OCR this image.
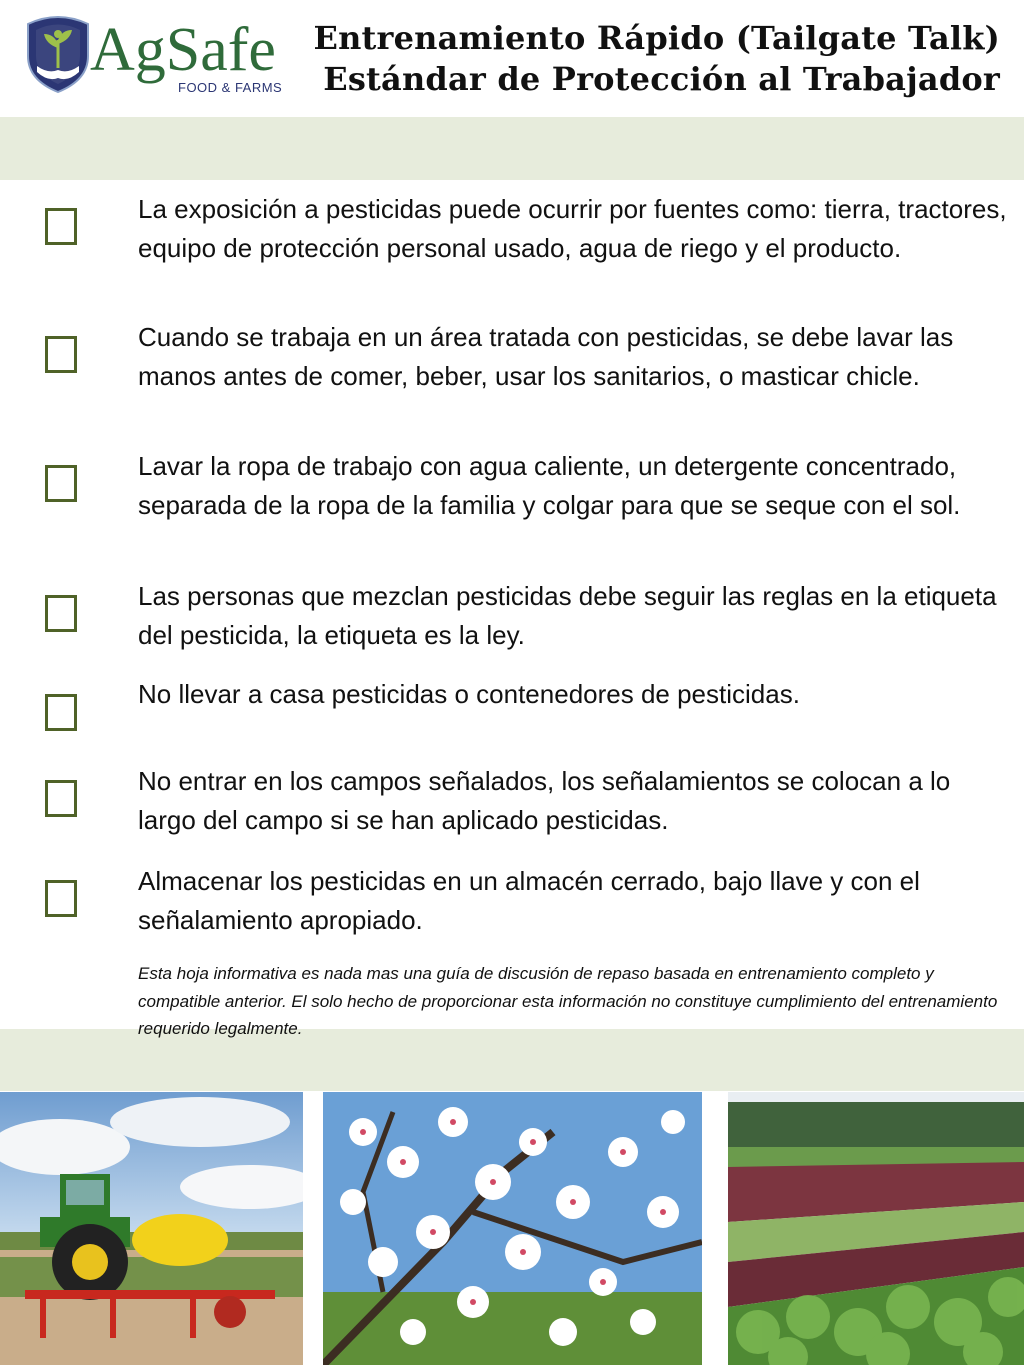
AgSafe
FOOD & FARMS
Entrenamiento Rápido (Tailgate Talk)
Estándar de Protección al Trabajador
La exposición a pesticidas puede ocurrir por fuentes como: tierra, tractores, equipo de protección personal usado, agua de riego y el producto.
Cuando se trabaja en un área tratada con pesticidas, se debe lavar las manos antes de comer, beber, usar los sanitarios, o masticar chicle.
Lavar la ropa de trabajo con agua caliente, un detergente concentrado, separada de la ropa de la familia y colgar para que se seque con el sol.
Las personas que mezclan pesticidas debe seguir las reglas en la etiqueta del pesticida, la etiqueta es la ley.
No llevar a casa pesticidas o contenedores de pesticidas.
No entrar en los campos señalados, los señalamientos se colocan a lo largo del campo si se han aplicado pesticidas.
Almacenar los pesticidas en un almacén cerrado, bajo llave y con el señalamiento apropiado.
Esta hoja informativa es nada mas una guía de discusión de repaso basada en entrenamiento completo y compatible anterior. El solo hecho de proporcionar esta información no constituye cumplimiento del entrenamiento requerido legalmente.
